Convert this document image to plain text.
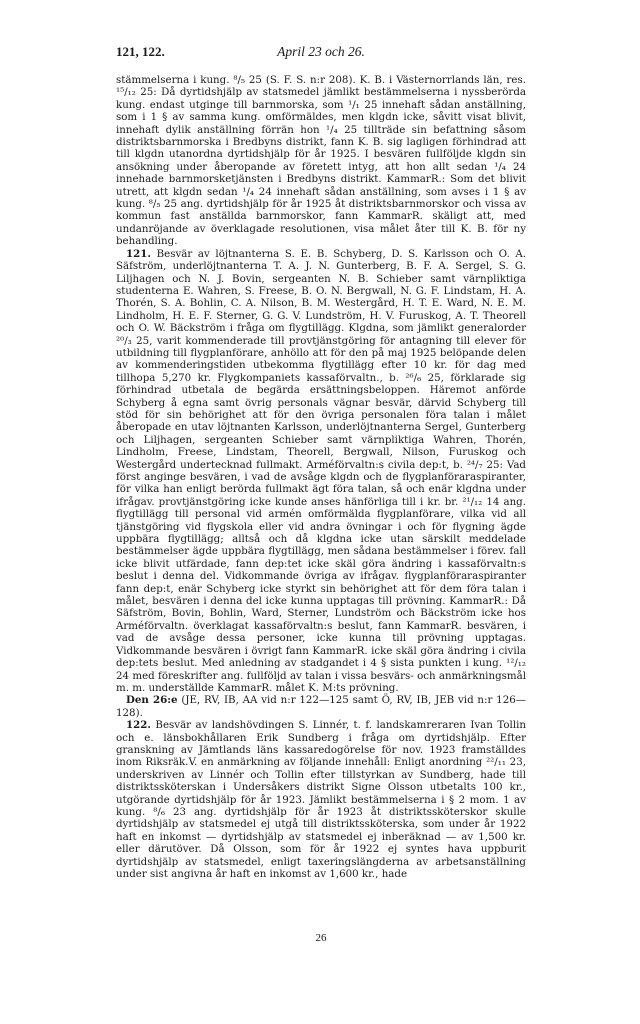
121, 122.	April 23 och 26.

stämmelserna i kung. ⁸/₅ 25 (S. F. S. n:r 208). K. B. i Västernorrlands län, res. ¹⁵/₁₂ 25: Då dyrtidshjälp av statsmedel jämlikt bestämmelserna i nyssberörda kung. endast utginge till barnmorska, som ¹/₁ 25 innehaft sådan anställning, som i 1 § av samma kung. omförmäldes, men klgdn icke, såvitt visat blivit, innehaft dylik anställning förrän hon ¹/₄ 25 tillträde sin befattning såsom distriktsbarnmorska i Bredbyns distrikt, fann K. B. sig lagligen förhindrad att till klgdn utanordna dyrtidshjälp för år 1925. I besvären fullföljde klgdn sin ansökning under åberopande av företett intyg, att hon allt sedan ¹/₄ 24 innehade barnmorsketjänsten i Bredbyns distrikt. KammarR.: Som det blivit utrett, att klgdn sedan ¹/₄ 24 innehaft sådan anställning, som avses i 1 § av kung. ⁸/₅ 25 ang. dyrtidshjälp för år 1925 åt distriktsbarnmorskor och vissa av kommun fast anställda barnmorskor, fann KammarR. skäligt att, med undanröjande av överklagade resolutionen, visa målet åter till K. B. för ny behandling.

121. Besvär av löjtnanterna S. E. B. Schyberg, D. S. Karlsson och O. A. Säfström, underlöjtnanterna T. A. J. N. Gunterberg, B. F. A. Sergel, S. G. Liljhagen och N. J. Bovin, sergeanten N. B. Schieber samt värnpliktiga studenterna E. Wahren, S. Freese, B. O. N. Bergwall, N. G. F. Lindstam, H. A. Thorén, S. A. Bohlin, C. A. Nilson, B. M. Westergård, H. T. E. Ward, N. E. M. Lindholm, H. E. F. Sterner, G. G. V. Lundström, H. V. Furuskog, A. T. Theorell och O. W. Bäckström i fråga om flygtillägg. Klgdna, som jämlikt generalorder ²⁰/₃ 25, varit kommenderade till provtjänstgöring för antagning till elever för utbildning till flygplanförare, anhöllo att för den på maj 1925 belöpande delen av kommenderingstiden utbekomma flygtillägg efter 10 kr. för dag med tillhopa 5,270 kr. Flygkompaniets kassaförvaltn., b. ²⁶/₆ 25, förklarade sig förhindrad utbetala de begärda ersättningsbeloppen. Häremot anförde Schyberg å egna samt övrig personals vägnar besvär, därvid Schyberg till stöd för sin behörighet att för den övriga personalen föra talan i målet åberopade en utav löjtnanten Karlsson, underlöjtnanterna Sergel, Gunterberg och Liljhagen, sergeanten Schieber samt värnpliktiga Wahren, Thorén, Lindholm, Freese, Lindstam, Theorell, Bergwall, Nilson, Furuskog och Westergård undertecknad fullmakt. Arméförvaltn:s civila dep:t, b. ²⁴/₇ 25: Vad först anginge besvären, i vad de avsåge klgdn och de flygplanföraraspiranter, för vilka han enligt berörda fullmakt ägt föra talan, så och enär klgdna under ifrågav. provtjänstgöring icke kunde anses hänförliga till i kr. br. ²¹/₁₂ 14 ang. flygtillägg till personal vid armén omförmälda flygplanförare, vilka vid all tjänstgöring vid flygskola eller vid andra övningar i och för flygning ägde uppbära flygtillägg; alltså och då klgdna icke utan särskilt meddelade bestämmelser ägde uppbära flygtillägg, men sådana bestämmelser i förev. fall icke blivit utfärdade, fann dep:tet icke skäl göra ändring i kassaförvaltn:s beslut i denna del. Vidkommande övriga av ifrågav. flygplanföraraspiranter fann dep:t, enär Schyberg icke styrkt sin behörighet att för dem föra talan i målet, besvären i denna del icke kunna upptagas till prövning. KammarR.: Då Säfström, Bovin, Bohlin, Ward, Sterner, Lundström och Bäckström icke hos Arméförvaltn. överklagat kassaförvaltn:s beslut, fann KammarR. besvären, i vad de avsåge dessa personer, icke kunna till prövning upptagas. Vidkommande besvären i övrigt fann KammarR. icke skäl göra ändring i civila dep:tets beslut. Med anledning av stadgandet i 4 § sista punkten i kung. ¹²/₁₂ 24 med föreskrifter ang. fullföljd av talan i vissa besvärs- och anmärkningsmål m. m. underställde KammarR. målet K. M:ts prövning.

Den 26:e (JE, RV, IB, AA vid n:r 122—125 samt Ö, RV, IB, JEB vid n:r 126—128).

122. Besvär av landshövdingen S. Linnér, t. f. landskamreraren Ivan Tollin och e. länsbokhållaren Erik Sundberg i fråga om dyrtidshjälp. Efter granskning av Jämtlands läns kassaredogörelse för nov. 1923 framställdes inom Riksräk.V. en anmärkning av följande innehåll: Enligt anordning ²²/₁₁ 23, underskriven av Linnér och Tollin efter tillstyrkan av Sundberg, hade till distriktssköterskan i Undersåkers distrikt Signe Olsson utbetalts 100 kr., utgörande dyrtidshjälp för år 1923. Jämlikt bestämmelserna i § 2 mom. 1 av kung. ⁸/₆ 23 ang. dyrtidshjälp för år 1923 åt distriktssköterskor skulle dyrtidshjälp av statsmedel ej utgå till distriktssköterska, som under år 1922 haft en inkomst — dyrtidshjälp av statsmedel ej inberäknad — av 1,500 kr. eller därutöver. Då Olsson, som för år 1922 ej syntes hava uppburit dyrtidshjälp av statsmedel, enligt taxeringslängderna av arbetsanställning under sist angivna år haft en inkomst av 1,600 kr., hade

26
